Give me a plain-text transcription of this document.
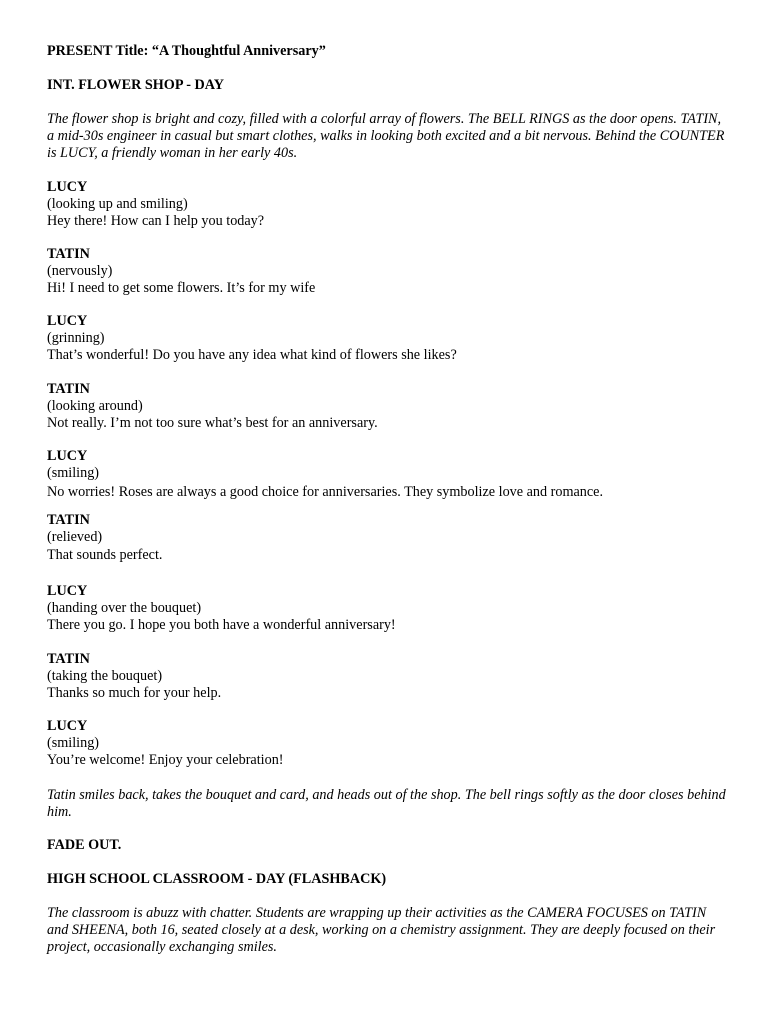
PRESENT Title: “A Thoughtful Anniversary”

INT. FLOWER SHOP - DAY

The flower shop is bright and cozy, filled with a colorful array of flowers. The BELL RINGS as the door opens. TATIN, a mid-30s engineer in casual but smart clothes, walks in looking both excited and a bit nervous. Behind the COUNTER is LUCY, a friendly woman in her early 40s.

LUCY
(looking up and smiling)
Hey there! How can I help you today?
TATIN
(nervously)
Hi! I need to get some flowers. It’s for my wife
LUCY
(grinning)
That’s wonderful! Do you have any idea what kind of flowers she likes?
TATIN
(looking around)
Not really. I’m not too sure what’s best for an anniversary.
LUCY
(smiling)
No worries! Roses are always a good choice for anniversaries. They symbolize love and romance.
TATIN
(relieved)
That sounds perfect.
LUCY
(handing over the bouquet)
There you go. I hope you both have a wonderful anniversary!
TATIN
(taking the bouquet)
Thanks so much for your help.
LUCY
(smiling)
You’re welcome! Enjoy your celebration!

Tatin smiles back, takes the bouquet and card, and heads out of the shop. The bell rings softly as the door closes behind him.

FADE OUT.

HIGH SCHOOL CLASSROOM - DAY (FLASHBACK)

The classroom is abuzz with chatter. Students are wrapping up their activities as the CAMERA FOCUSES on TATIN and SHEENA, both 16, seated closely at a desk, working on a chemistry assignment. They are deeply focused on their project, occasionally exchanging smiles.
